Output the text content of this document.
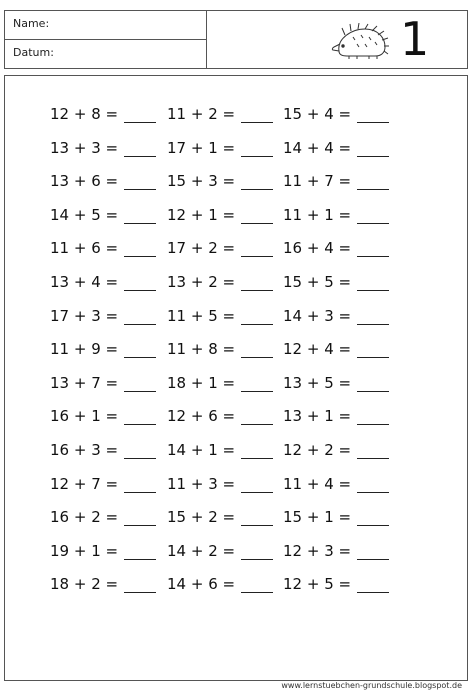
Name:
Datum:	1
12 + 8 =
13 + 3 =
13 + 6 =
14 + 5 =
11 + 6 =
13 + 4 =
17 + 3 =
11 + 9 =
13 + 7 =
16 + 1 =
16 + 3 =
12 + 7 =
16 + 2 =
19 + 1 =
18 + 2 =
11 + 2 =
17 + 1 =
15 + 3 =
12 + 1 =
17 + 2 =
13 + 2 =
11 + 5 =
11 + 8 =
18 + 1 =
12 + 6 =
14 + 1 =
11 + 3 =
15 + 2 =
14 + 2 =
14 + 6 =
15 + 4 =
14 + 4 =
11 + 7 =
11 + 1 =
16 + 4 =
15 + 5 =
14 + 3 =
12 + 4 =
13 + 5 =
13 + 1 =
12 + 2 =
11 + 4 =
15 + 1 =
12 + 3 =
12 + 5 =
www.lernstuebchen-grundschule.blogspot.de
